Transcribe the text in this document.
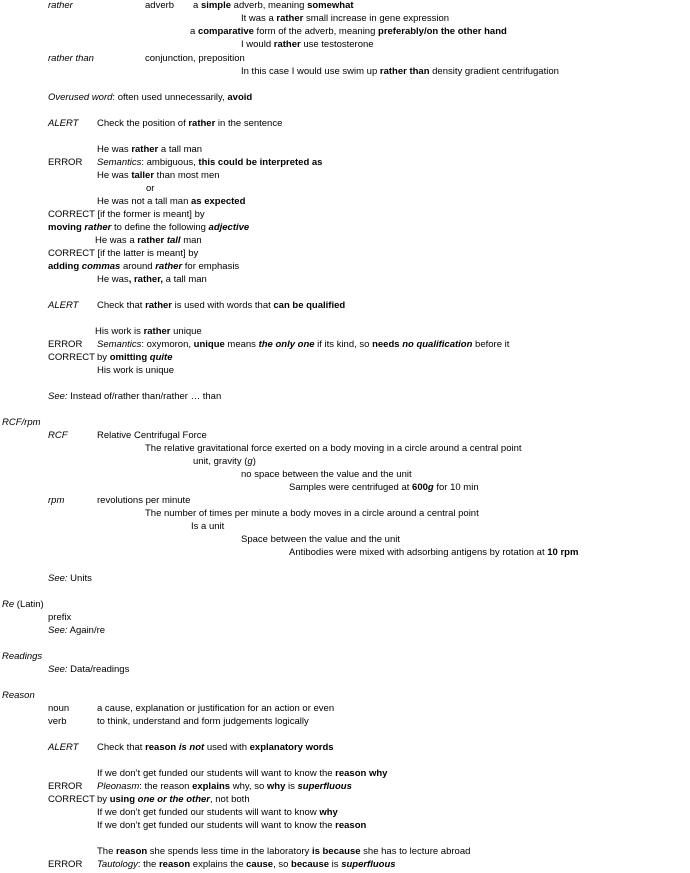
rather	adverb a simple adverb, meaning somewhat
It was a rather small increase in gene expression
a comparative form of the adverb, meaning preferably/on the other hand
I would rather use testosterone
rather than	conjunction, preposition
In this case I would use swim up rather than density gradient centrifugation
Overused word: often used unnecessarily, avoid
ALERT Check the position of rather in the sentence
He was rather a tall man
ERROR Semantics: ambiguous, this could be interpreted as
He was taller than most men
or
He was not a tall man as expected
CORRECT [if the former is meant] by
moving rather to define the following adjective
He was a rather tall man
CORRECT [if the latter is meant] by
adding commas around rather for emphasis
He was, rather, a tall man
ALERT Check that rather is used with words that can be qualified
His work is rather unique
ERROR Semantics: oxymoron, unique means the only one if its kind, so needs no qualification before it
CORRECT by omitting quite
His work is unique
See: Instead of/rather than/rather … than
RCF/rpm
RCF	Relative Centrifugal Force
The relative gravitational force exerted on a body moving in a circle around a central point
unit, gravity (g)
no space between the value and the unit
Samples were centrifuged at 600g for 10 min
rpm	revolutions per minute
The number of times per minute a body moves in a circle around a central point
Is a unit
Space between the value and the unit
Antibodies were mixed with adsorbing antigens by rotation at 10 rpm
See: Units
Re (Latin)
prefix
See: Again/re
Readings
See: Data/readings
Reason
noun	a cause, explanation or justification for an action or even
verb	to think, understand and form judgements logically
ALERT Check that reason is not used with explanatory words
If we don’t get funded our students will want to know the reason why
ERROR Pleonasm: the reason explains why, so why is superfluous
CORRECT by using one or the other, not both
If we don’t get funded our students will want to know why
If we don’t get funded our students will want to know the reason
The reason she spends less time in the laboratory is because she has to lecture abroad
ERROR Tautology: the reason explains the cause, so because is superfluous
